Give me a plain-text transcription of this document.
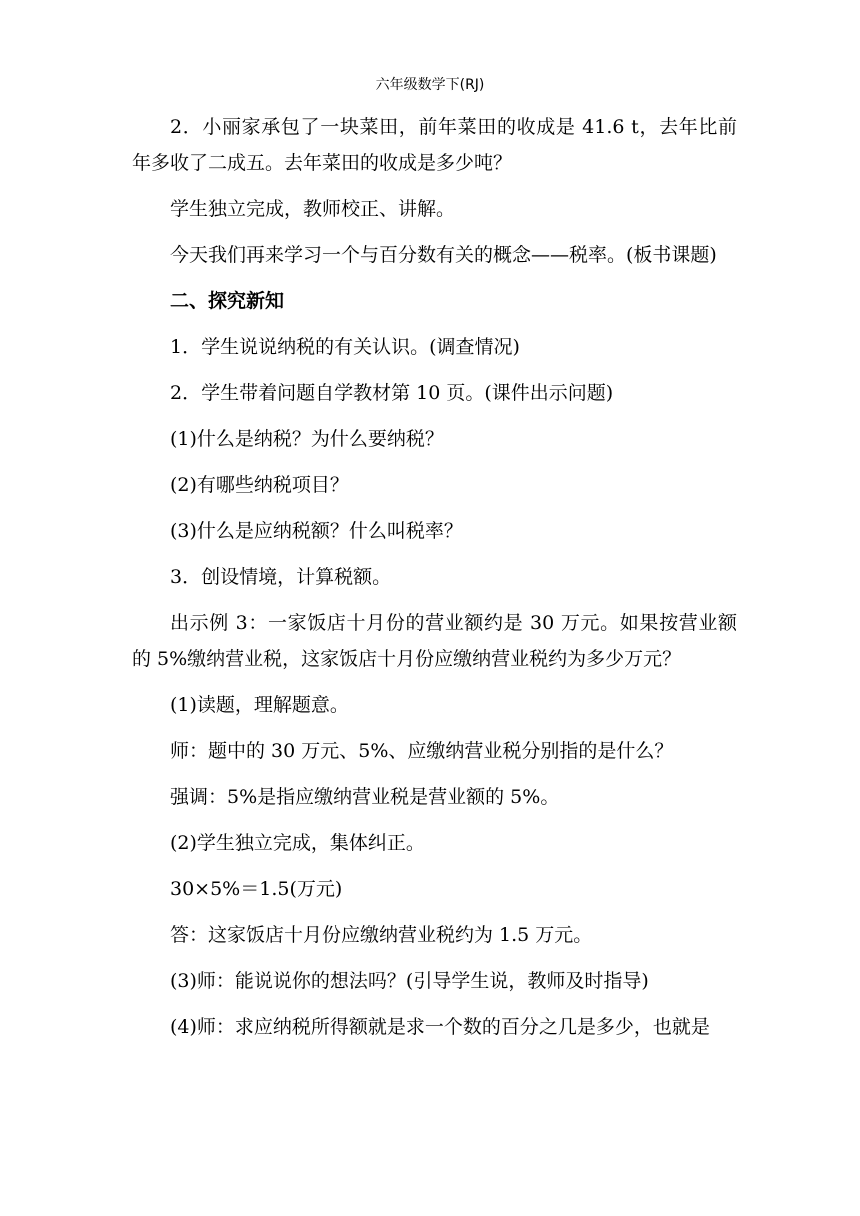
六年级数学下(RJ)

2．小丽家承包了一块菜田，前年菜田的收成是 41.6 t，去年比前年多收了二成五。去年菜田的收成是多少吨？

学生独立完成，教师校正、讲解。

今天我们再来学习一个与百分数有关的概念——税率。(板书课题)

二、探究新知

1．学生说说纳税的有关认识。(调查情况)

2．学生带着问题自学教材第 10 页。(课件出示问题)

(1)什么是纳税？为什么要纳税？

(2)有哪些纳税项目？

(3)什么是应纳税额？什么叫税率？

3．创设情境，计算税额。

出示例 3：一家饭店十月份的营业额约是 30 万元。如果按营业额的 5%缴纳营业税，这家饭店十月份应缴纳营业税约为多少万元？

(1)读题，理解题意。

师：题中的 30 万元、5%、应缴纳营业税分别指的是什么？

强调：5%是指应缴纳营业税是营业额的 5%。

(2)学生独立完成，集体纠正。

30×5%＝1.5(万元)

答：这家饭店十月份应缴纳营业税约为 1.5 万元。

(3)师：能说说你的想法吗？(引导学生说，教师及时指导)

(4)师：求应纳税所得额就是求一个数的百分之几是多少，也就是
